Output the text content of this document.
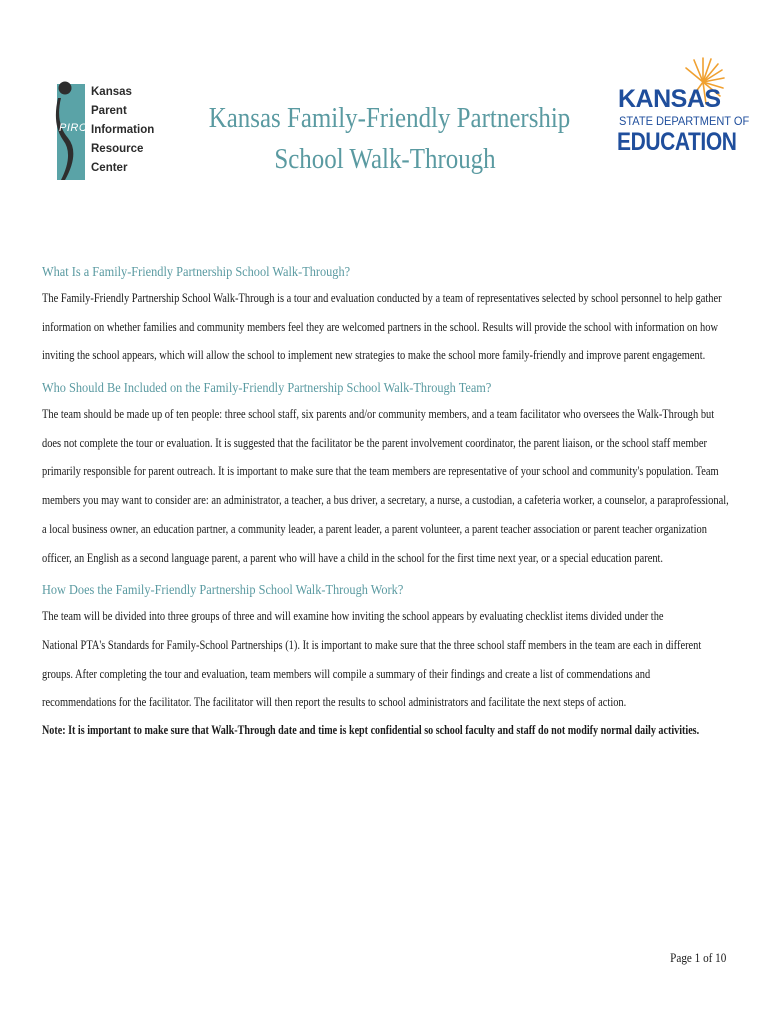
PIRC
Kansas
Parent
Information
Resource
Center
Kansas Family-Friendly Partnership
School Walk-Through
KANSAS
STATE DEPARTMENT OF
EDUCATION
What Is a Family-Friendly Partnership School Walk-Through?
The Family-Friendly Partnership School Walk-Through is a tour and evaluation conducted by a team of representatives selected by school personnel to help gather
information on whether families and community members feel they are welcomed partners in the school. Results will provide the school with information on how
inviting the school appears, which will allow the school to implement new strategies to make the school more family-friendly and improve parent engagement.
Who Should Be Included on the Family-Friendly Partnership School Walk-Through Team?
The team should be made up of ten people: three school staff, six parents and/or community members, and a team facilitator who oversees the Walk-Through but
does not complete the tour or evaluation. It is suggested that the facilitator be the parent involvement coordinator, the parent liaison, or the school staff member
primarily responsible for parent outreach. It is important to make sure that the team members are representative of your school and community's population. Team
members you may want to consider are: an administrator, a teacher, a bus driver, a secretary, a nurse, a custodian, a cafeteria worker, a counselor, a paraprofessional,
a local business owner, an education partner, a community leader, a parent leader, a parent volunteer, a parent teacher association or parent teacher organization
officer, an English as a second language parent, a parent who will have a child in the school for the first time next year, or a special education parent.
How Does the Family-Friendly Partnership School Walk-Through Work?
The team will be divided into three groups of three and will examine how inviting the school appears by evaluating checklist items divided under the
National PTA's Standards for Family-School Partnerships (1). It is important to make sure that the three school staff members in the team are each in different
groups. After completing the tour and evaluation, team members will compile a summary of their findings and create a list of commendations and
recommendations for the facilitator. The facilitator will then report the results to school administrators and facilitate the next steps of action.
Note: It is important to make sure that Walk-Through date and time is kept confidential so school faculty and staff do not modify normal daily activities.
Page 1 of 10
